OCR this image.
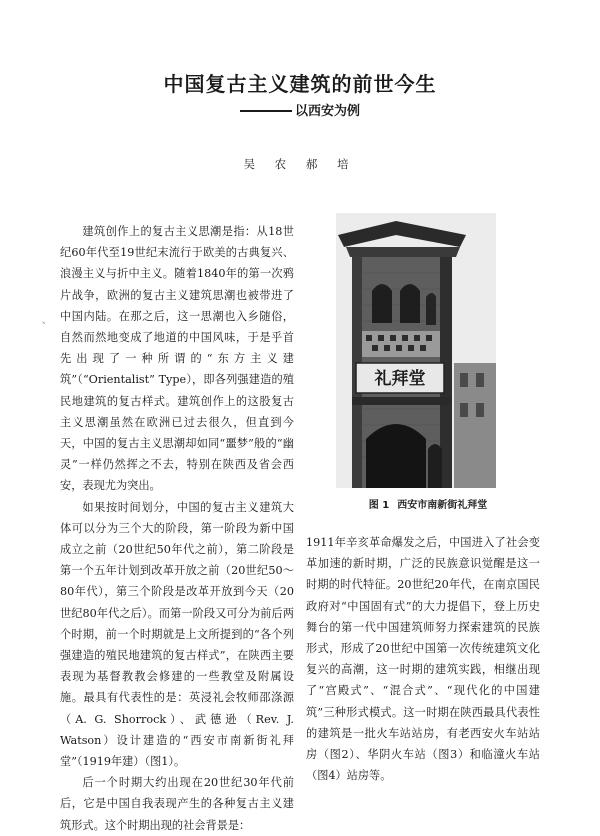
中国复古主义建筑的前世今生
以西安为例
吴 农 郝 培
、

建筑创作上的复古主义思潮是指：从18世纪60年代至19世纪末流行于欧美的古典复兴、浪漫主义与折中主义。随着1840年的第一次鸦片战争，欧洲的复古主义建筑思潮也被带进了中国内陆。在那之后，这一思潮也入乡随俗，自然而然地变成了地道的中国风味，于是乎首先出现了一种所谓的“东方主义建筑”（“Orientalist” Type），即各列强建造的殖民地建筑的复古样式。建筑创作上的这股复古主义思潮虽然在欧洲已过去很久，但直到今天，中国的复古主义思潮却如同“噩梦”般的“幽灵”一样仍然挥之不去，特别在陕西及省会西安，表现尤为突出。

如果按时间划分，中国的复古主义建筑大体可以分为三个大的阶段，第一阶段为新中国成立之前（20世纪50年代之前），第二阶段是第一个五年计划到改革开放之前（20世纪50～80年代），第三个阶段是改革开放到今天（20世纪80年代之后）。而第一阶段又可分为前后两个时期，前一个时期就是上文所提到的“各个列强建造的殖民地建筑的复古样式”，在陕西主要表现为基督教教会修建的一些教堂及附属设施。最具有代表性的是：英浸礼会牧师邵涤源（A. G. Shorrock）、武德逊（Rev. J. Watson）设计建造的“西安市南新街礼拜堂”（1919年建）（图1）。

后一个时期大约出现在20世纪30年代前后，它是中国自我表现产生的各种复古主义建筑形式。这个时期出现的社会背景是：

礼拜堂
图 1 西安市南新街礼拜堂

1911年辛亥革命爆发之后，中国进入了社会变革加速的新时期，广泛的民族意识觉醒是这一时期的时代特征。20世纪20年代，在南京国民政府对“中国固有式”的大力提倡下，登上历史舞台的第一代中国建筑师努力探索建筑的民族形式，形成了20世纪中国第一次传统建筑文化复兴的高潮，这一时期的建筑实践，相继出现了“宫殿式”、“混合式”、“现代化的中国建筑”三种形式模式。这一时期在陕西最具代表性的建筑是一批火车站站房，有老西安火车站站房（图2）、华阴火车站（图3）和临潼火车站（图4）站房等。
